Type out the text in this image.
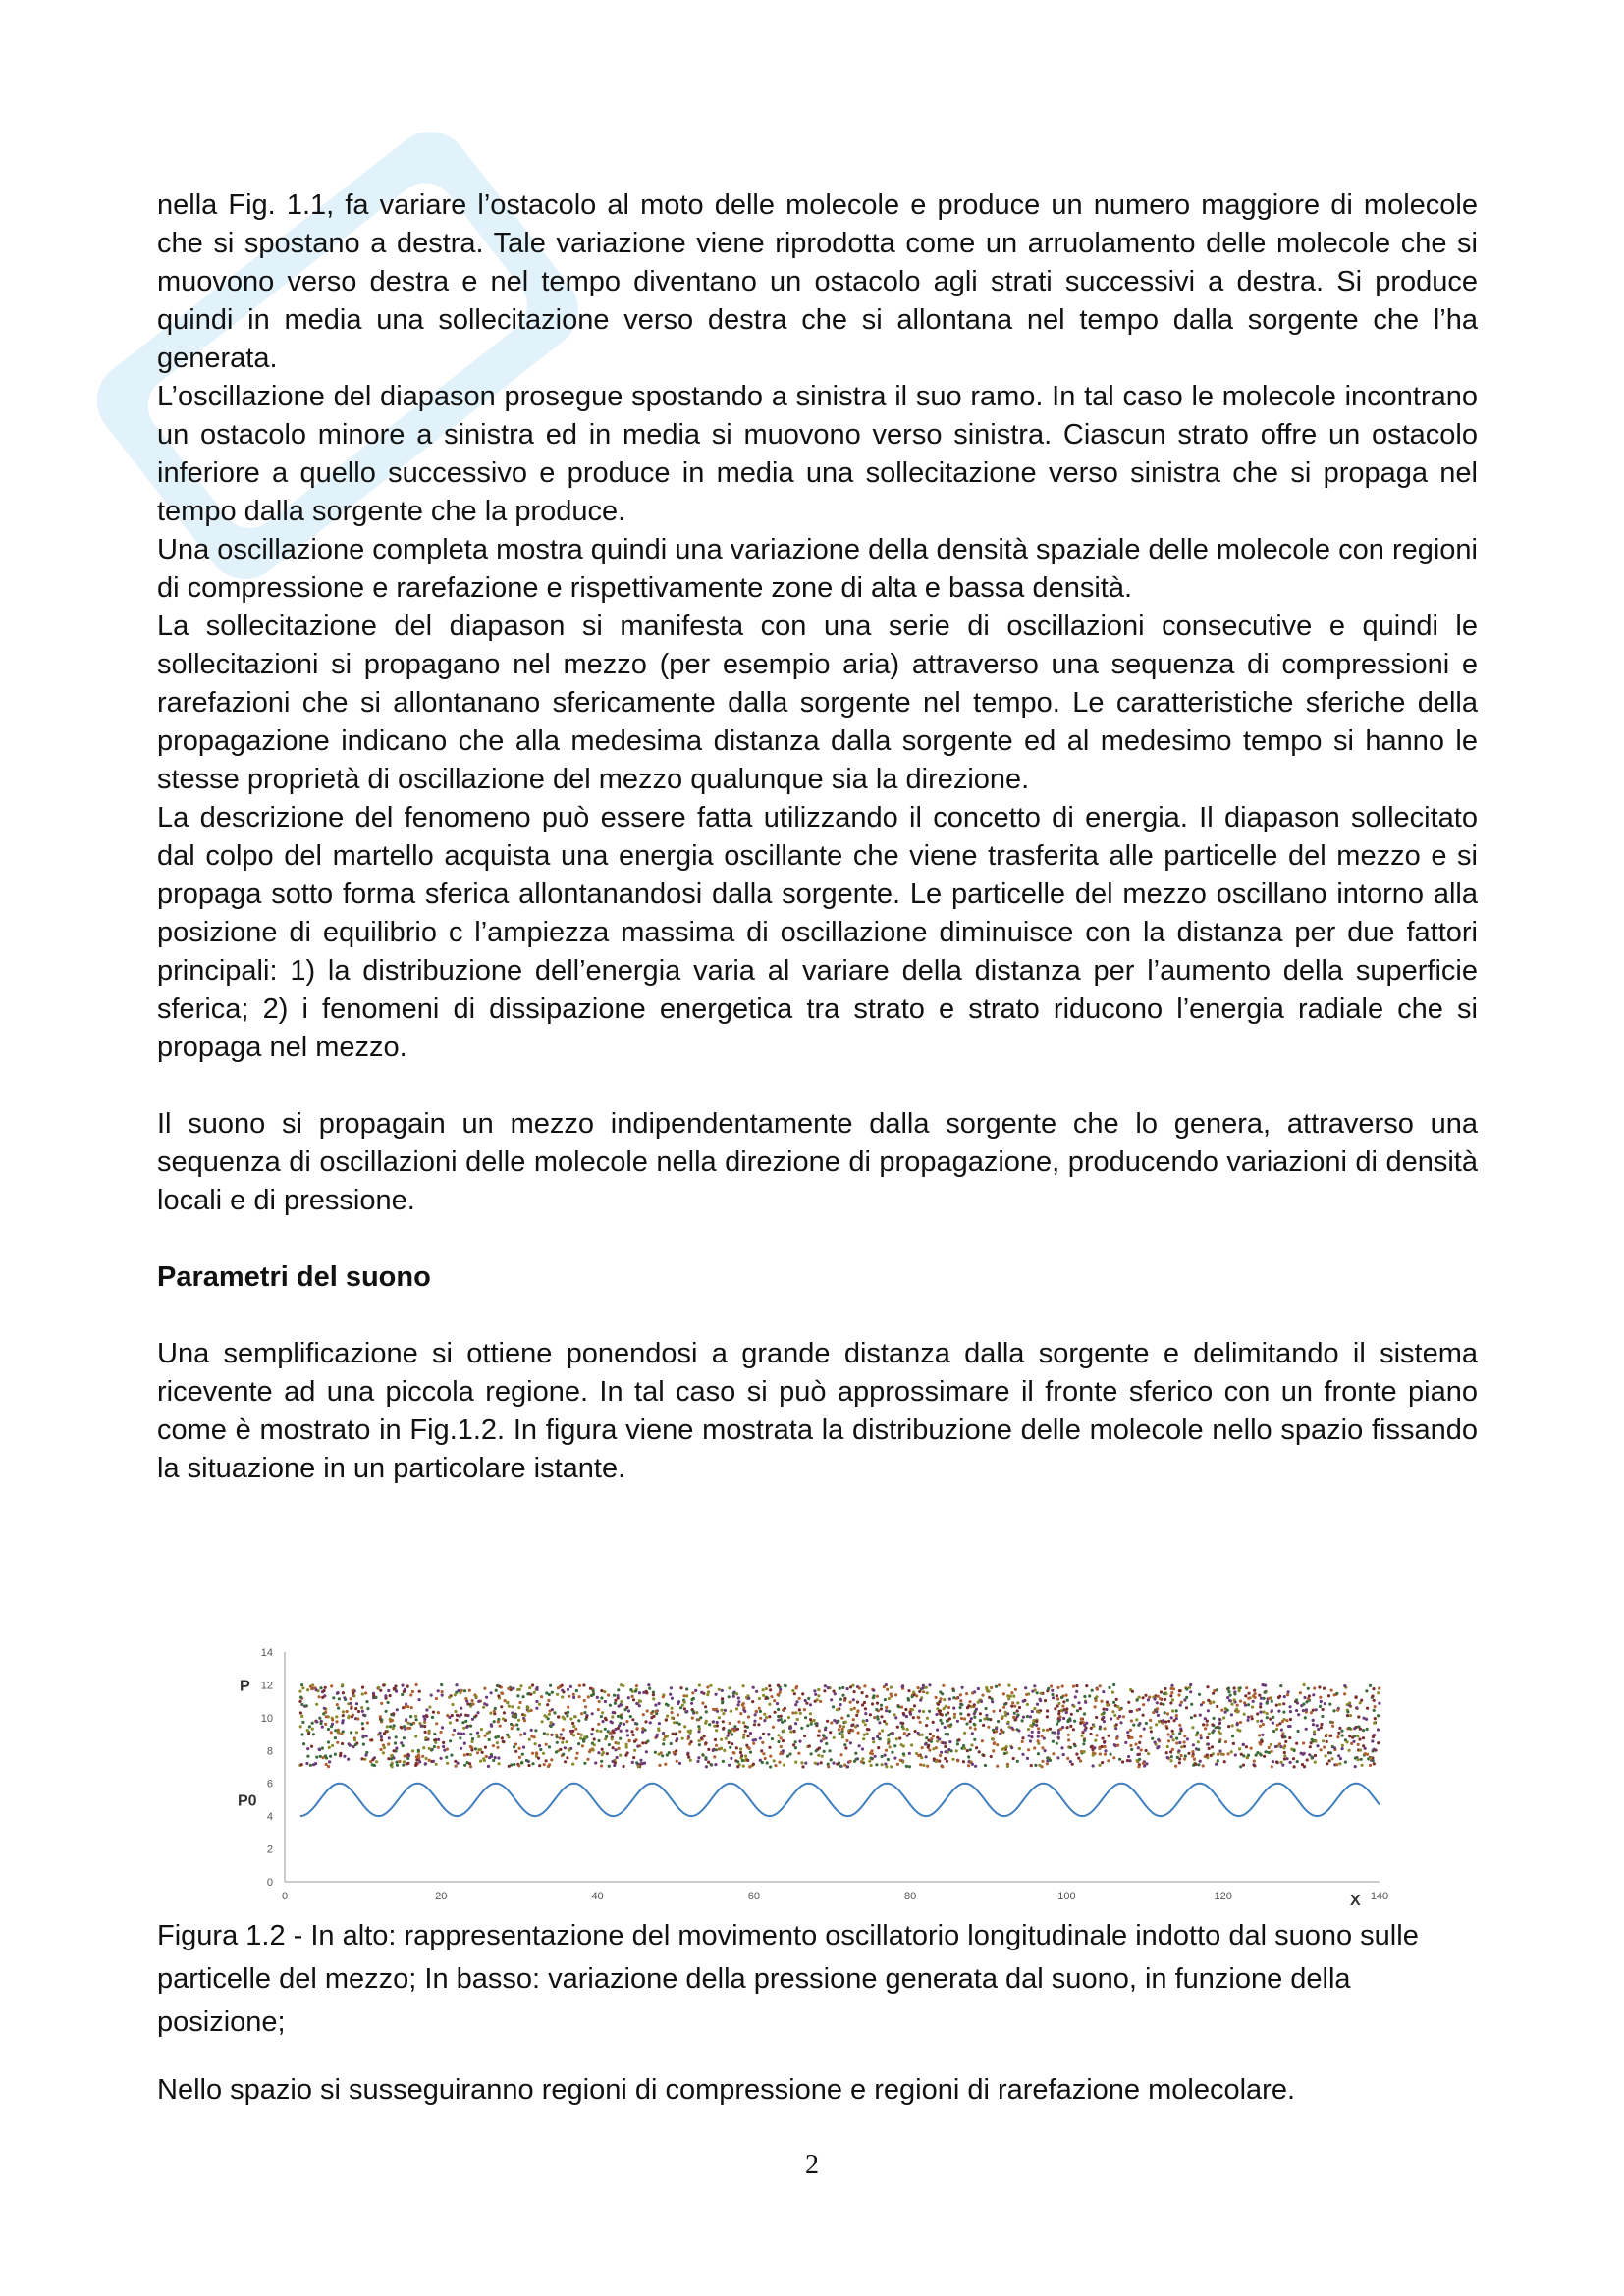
nella Fig. 1.1, fa variare l’ostacolo al moto delle molecole e produce un numero maggiore di molecole che si spostano a destra. Tale variazione viene riprodotta come un arruolamento delle molecole che si muovono verso destra e nel tempo diventano un ostacolo agli strati successivi a destra. Si produce quindi in media una sollecitazione verso destra che si allontana nel tempo dalla sorgente che l’ha generata.

L’oscillazione del diapason prosegue spostando a sinistra il suo ramo. In tal caso le molecole incontrano un ostacolo minore a sinistra ed in media si muovono verso sinistra. Ciascun strato offre un ostacolo inferiore a quello successivo e produce in media una sollecitazione verso sinistra che si propaga nel tempo dalla sorgente che la produce.

Una oscillazione completa mostra quindi una variazione della densità spaziale delle molecole con regioni di compressione e rarefazione e rispettivamente zone di alta e bassa densità.

La sollecitazione del diapason si manifesta con una serie di oscillazioni consecutive e quindi le sollecitazioni si propagano nel mezzo (per esempio aria) attraverso una sequenza di compressioni e rarefazioni che si allontanano sfericamente dalla sorgente nel tempo. Le caratteristiche sferiche della propagazione indicano che alla medesima distanza dalla sorgente ed al medesimo tempo si hanno le stesse proprietà di oscillazione del mezzo qualunque sia la direzione.

La descrizione del fenomeno può essere fatta utilizzando il concetto di energia. Il diapason sollecitato dal colpo del martello acquista una energia oscillante che viene trasferita alle particelle del mezzo e si propaga sotto forma sferica allontanandosi dalla sorgente. Le particelle del mezzo oscillano intorno alla posizione di equilibrio c l’ampiezza massima di oscillazione diminuisce con la distanza per due fattori principali: 1) la distribuzione dell’energia varia al variare della distanza per l’aumento della superficie sferica; 2) i fenomeni di dissipazione energetica tra strato e strato riducono l’energia radiale che si propaga nel mezzo.

Il suono si propagain un mezzo indipendentamente dalla sorgente che lo genera, attraverso una sequenza di oscillazioni delle molecole nella direzione di propagazione, producendo variazioni di densità locali e di pressione.

Parametri del suono

Una semplificazione si ottiene ponendosi a grande distanza dalla sorgente e delimitando il sistema ricevente ad una piccola regione. In tal caso si può approssimare il fronte sferico con un fronte piano come è mostrato in Fig.1.2. In figura viene mostrata la distribuzione delle molecole nello spazio fissando la situazione in un particolare istante.

0
2
4
6
8
10
12
14
0	20	40	60	80	100	120	140
P
P0
X
Figura 1.2 - In alto: rappresentazione del movimento oscillatorio longitudinale indotto dal suono sulle particelle del mezzo; In basso: variazione della pressione generata dal suono, in funzione della posizione;
Nello spazio si susseguiranno regioni di compressione e regioni di rarefazione molecolare.
2
